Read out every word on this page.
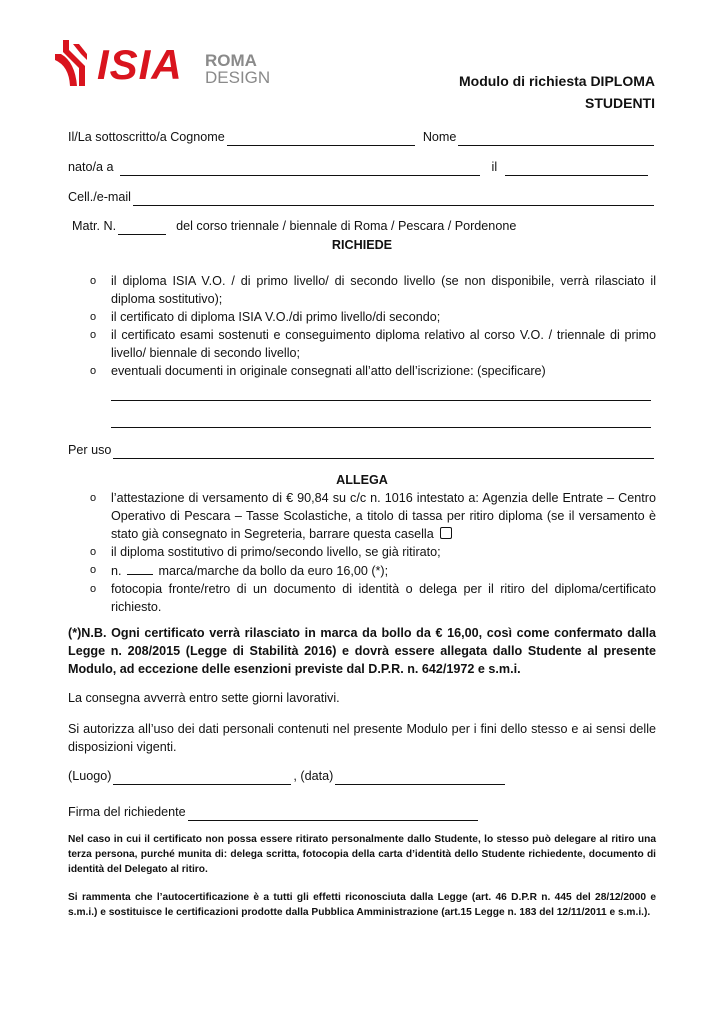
ISIA ROMA
DESIGN	Modulo di richiesta DIPLOMA
STUDENTI
Il/La sottoscritto/a Cognome	Nome
nato/a a	il
Cell./e-mail
Matr. N.	del corso triennale / biennale di Roma / Pescara / Pordenone
RICHIEDE
o il diploma ISIA V.O. / di primo livello/ di secondo livello (se non disponibile, verrà rilasciato il diploma sostitutivo);
o il certificato di diploma ISIA V.O./di primo livello/di secondo;
o il certificato esami sostenuti e conseguimento diploma relativo al corso V.O. / triennale di primo livello/ biennale di secondo livello;
o eventuali documenti in originale consegnati all’atto dell’iscrizione: (specificare)
Per uso
ALLEGA
o l’attestazione di versamento di € 90,84 su c/c n. 1016 intestato a: Agenzia delle Entrate – Centro Operativo di Pescara – Tasse Scolastiche, a titolo di tassa per ritiro diploma (se il versamento è stato già consegnato in Segreteria, barrare questa casella
o il diploma sostitutivo di primo/secondo livello, se già ritirato;
o n.	marca/marche da bollo da euro 16,00 (*);
o fotocopia fronte/retro di un documento di identità o delega per il ritiro del diploma/certificato richiesto.

(*)N.B. Ogni certificato verrà rilasciato in marca da bollo da € 16,00, così come confermato dalla Legge n. 208/2015 (Legge di Stabilità 2016) e dovrà essere allegata dallo Studente al presente Modulo, ad eccezione delle esenzioni previste dal D.P.R. n. 642/1972 e s.m.i.

La consegna avverrà entro sette giorni lavorativi.

Si autorizza all’uso dei dati personali contenuti nel presente Modulo per i fini dello stesso e ai sensi delle disposizioni vigenti.

(Luogo)	, (data)
Firma del richiedente

Nel caso in cui il certificato non possa essere ritirato personalmente dallo Studente, lo stesso può delegare al ritiro una terza persona, purché munita di: delega scritta, fotocopia della carta d’identità dello Studente richiedente, documento di identità del Delegato al ritiro.

Si rammenta che l’autocertificazione è a tutti gli effetti riconosciuta dalla Legge (art. 46 D.P.R n. 445 del 28/12/2000 e s.m.i.) e sostituisce le certificazioni prodotte dalla Pubblica Amministrazione (art.15 Legge n. 183 del 12/11/2011 e s.m.i.).
